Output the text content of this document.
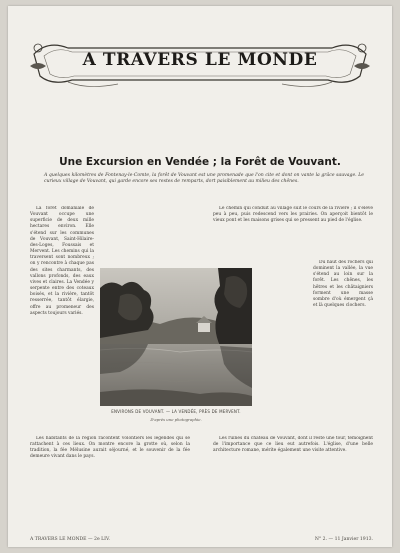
A TRAVERS LE MONDE
Une Excursion en Vendée ; la Forêt de Vouvant.
A quelques kilomètres de Fontenay-le-Comte, la forêt de Vouvant est une promenade que l'on cite et dont on vante la grâce sauvage. Le curieux village de Vouvant, qui garde encore ses restes de remparts, dort paisiblement au milieu des chênes.

La forêt domaniale de Vouvant occupe une superficie de deux mille hectares environ. Elle s'étend sur les communes de Vouvant, Saint-Hilaire-des-Loges, Foussais et Mervent. Les chemins qui la traversent sont nombreux ; on y rencontre à chaque pas des sites charmants, des vallons profonds, des eaux vives et claires. La Vendée y serpente entre des coteaux boisés, et la rivière, tantôt resserrée, tantôt élargie, offre au promeneur des aspects toujours variés.

Le chemin qui conduit au village suit le cours de la rivière ; il s'élève peu à peu, puis redescend vers les prairies. On aperçoit bientôt le vieux pont et les maisons grises qui se pressent au pied de l'église.

Du haut des rochers qui dominent la vallée, la vue s'étend au loin sur la forêt. Les chênes, les hêtres et les châtaigniers forment une masse sombre d'où émergent çà et là quelques clochers.

ENVIRONS DE VOUVANT. — LA VENDÉE, PRÈS DE MERVENT.
D'après une photographie.

Les habitants de la région racontent volontiers les légendes qui se rattachent à ces lieux. On montre encore la grotte où, selon la tradition, la fée Mélusine aurait séjourné, et le souvenir de la fée demeure vivant dans le pays.

Les ruines du château de Vouvant, dont il reste une tour, témoignent de l'importance que ce lieu eut autrefois. L'église, d'une belle architecture romane, mérite également une visite attentive.

A TRAVERS LE MONDE — 2e LIV.	N° 2. — 11 Janvier 1913.
